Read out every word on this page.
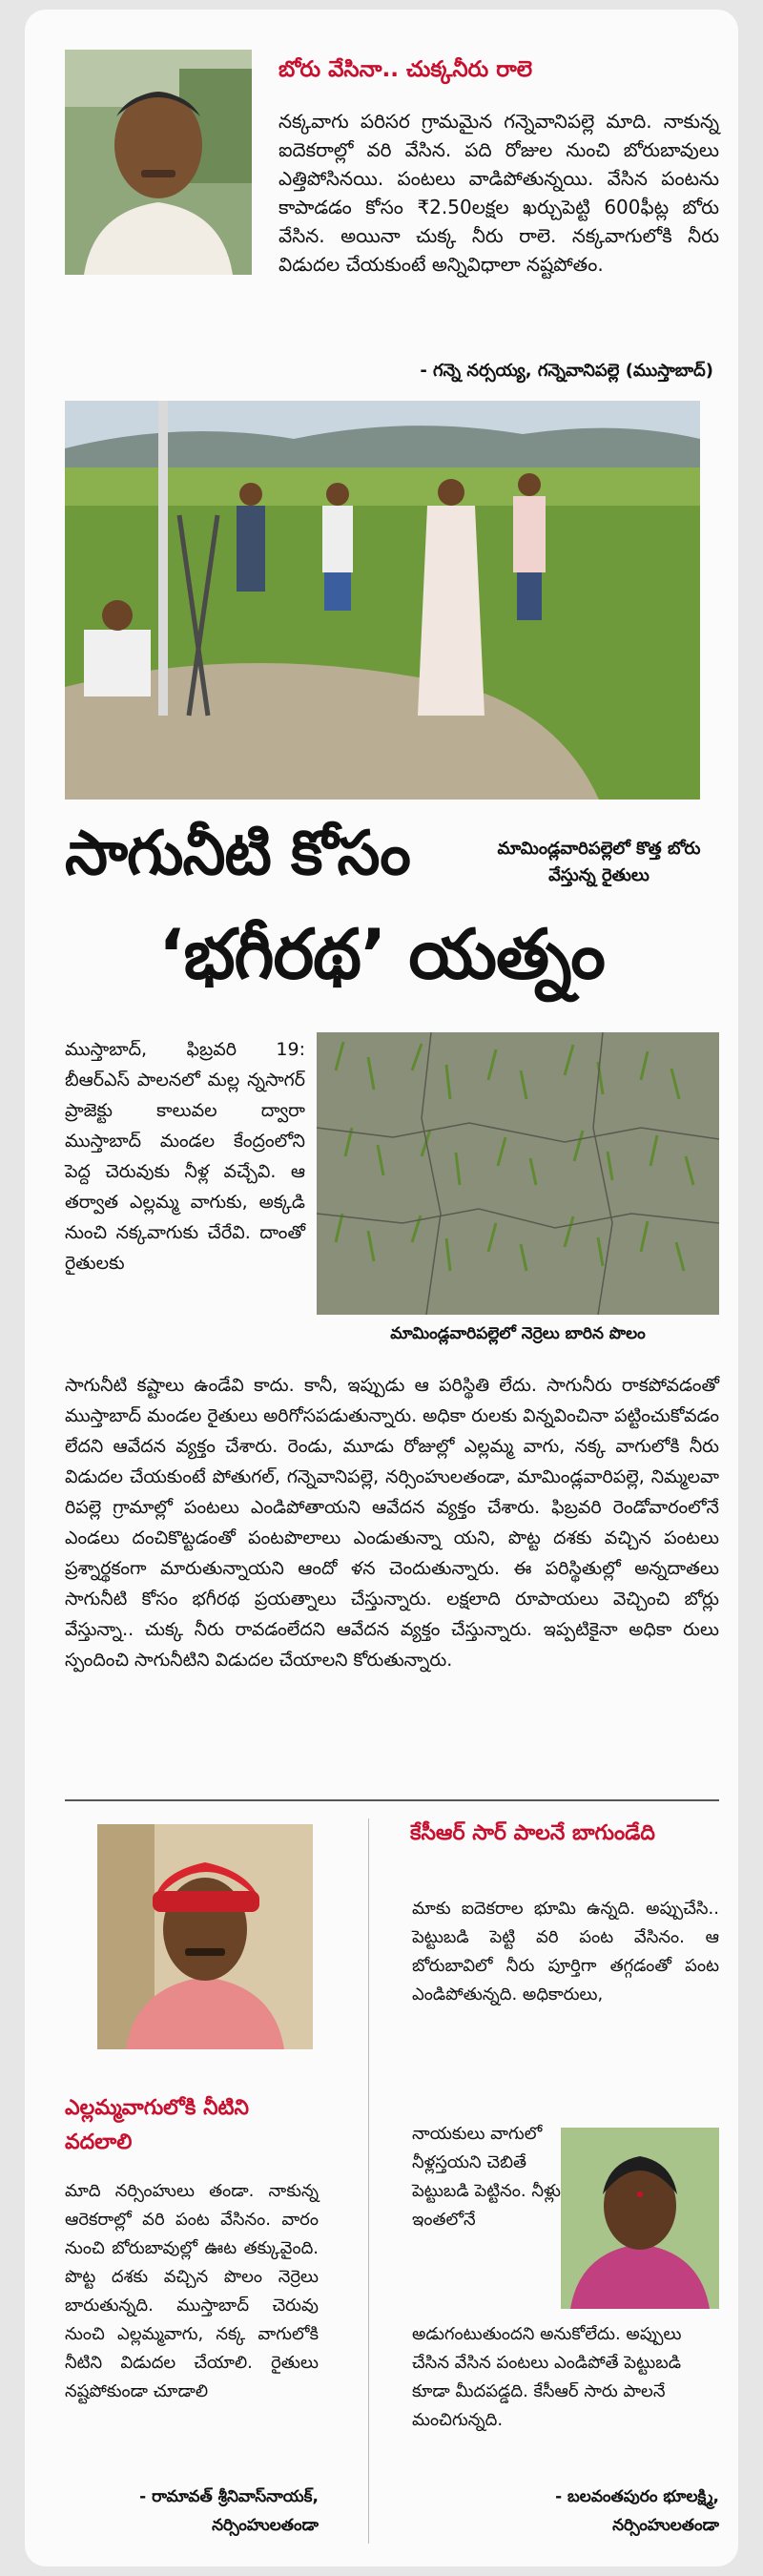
బోరు వేసినా.. చుక్కనీరు రాలె

నక్కవాగు పరిసర గ్రామమైన గన్నెవానిపల్లె మాది. నాకున్న ఐదెకరాల్లో వరి వేసిన. పది రోజుల నుంచి బోరుబావులు ఎత్తిపోసినయి. పంటలు వాడిపోతున్నయి. వేసిన పంటను కాపాడడం కోసం ₹2.50లక్షల ఖర్చుపెట్టి 600ఫీట్ల బోరు వేసిన. అయినా చుక్క నీరు రాలె. నక్కవాగులోకి నీరు విడుదల చేయకుంటే అన్నివిధాలా నష్టపోతం.

- గన్నె నర్సయ్య, గన్నెవానిపల్లె (ముస్తాబాద్)
సాగునీటి కోసం	మామిండ్లవారిపల్లెలో కొత్త బోరు వేస్తున్న రైతులు
‘భగీరథ’ యత్నం
మామిండ్లవారిపల్లెలో నెర్రెలు బారిన పొలం

ముస్తాబాద్, ఫిబ్రవరి 19: బీఆర్ఎస్ పాలనలో మల్ల న్నసాగర్ ప్రాజెక్టు కాలువల ద్వారా ముస్తాబాద్ మండల కేంద్రంలోని పెద్ద చెరువుకు నీళ్ల వచ్చేవి. ఆ తర్వాత ఎల్లమ్మ వాగుకు, అక్కడి నుంచి నక్కవాగుకు చేరేవి. దాంతో రైతులకు

సాగునీటి కష్టాలు ఉండేవి కాదు. కానీ, ఇప్పుడు ఆ పరిస్థితి లేదు. సాగునీరు రాకపోవడంతో ముస్తాబాద్ మండల రైతులు అరిగోసపడుతున్నారు. అధికా రులకు విన్నవించినా పట్టించుకోవడం లేదని ఆవేదన వ్యక్తం చేశారు. రెండు, మూడు రోజుల్లో ఎల్లమ్మ వాగు, నక్క వాగులోకి నీరు విడుదల చేయకుంటే పోతుగల్, గన్నెవానిపల్లె, నర్సింహులతండా, మామిండ్లవారిపల్లె, నిమ్మలవా రిపల్లె గ్రామాల్లో పంటలు ఎండిపోతాయని ఆవేదన వ్యక్తం చేశారు. ఫిబ్రవరి రెండోవారంలోనే ఎండలు దంచికొట్టడంతో పంటపొలాలు ఎండుతున్నా యని, పొట్ట దశకు వచ్చిన పంటలు ప్రశ్నార్థకంగా మారుతున్నాయని ఆందో ళన చెందుతున్నారు. ఈ పరిస్థితుల్లో అన్నదాతలు సాగునీటి కోసం భగీరథ ప్రయత్నాలు చేస్తున్నారు. లక్షలాది రూపాయలు వెచ్చించి బోర్లు వేస్తున్నా.. చుక్క నీరు రావడంలేదని ఆవేదన వ్యక్తం చేస్తున్నారు. ఇప్పటికైనా అధికా రులు స్పందించి సాగునీటిని విడుదల చేయాలని కోరుతున్నారు.

ఎల్లమ్మవాగులోకి నీటిని వదలాలి

మాది నర్సింహులు తండా. నాకున్న ఆరెకరాల్లో వరి పంట వేసినం. వారం నుంచి బోరుబావుల్లో ఊట తక్కువైంది. పొట్ట దశకు వచ్చిన పొలం నెర్రెలు బారుతున్నది. ముస్తాబాద్ చెరువు నుంచి ఎల్లమ్మవాగు, నక్క వాగులోకి నీటిని విడుదల చేయాలి. రైతులు నష్టపోకుండా చూడాలి

- రామావత్ శ్రీనివాస్‌నాయక్,
నర్సింహులతండా
కేసీఆర్ సార్ పాలనే బాగుండేది

మాకు ఐదెకరాల భూమి ఉన్నది. అప్పుచేసి.. పెట్టుబడి పెట్టి వరి పంట వేసినం. ఆ బోరుబావిలో నీరు పూర్తిగా తగ్గడంతో పంట ఎండిపోతున్నది. అధికారులు,

నాయకులు వాగులో నీళ్లస్తయని చెబితే పెట్టుబడి పెట్టినం. నీళ్లు ఇంతలోనే

అడుగంటుతుందని అనుకోలేదు. అప్పులు చేసిన వేసిన పంటలు ఎండిపోతే పెట్టుబడి కూడా మీదపడ్డది. కేసీఆర్ సారు పాలనే మంచిగున్నది.

- బలవంతపురం భూలక్ష్మి,
నర్సింహులతండా
